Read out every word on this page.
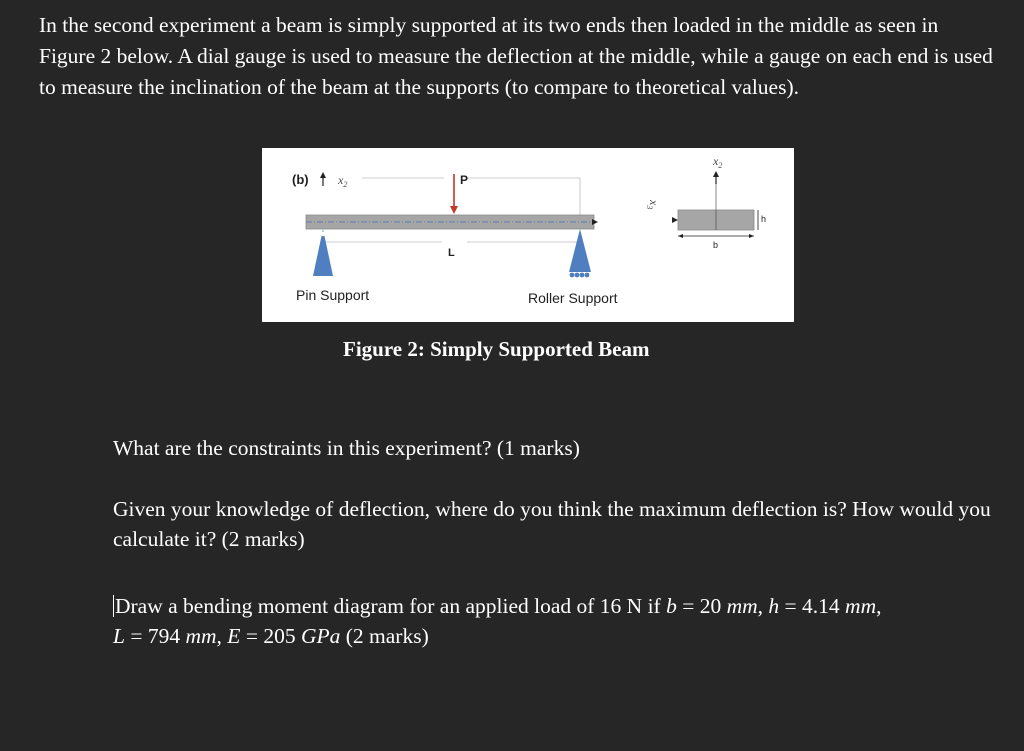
In the second experiment a beam is simply supported at its two ends then loaded in the middle as seen in Figure 2 below. A dial gauge is used to measure the deflection at the middle, while a gauge on each end is used to measure the inclination of the beam at the supports (to compare to theoretical values).

(b) $x_2$	P
L
Pin Support	Roller Support
$x_3$
$x_2$
b
h

Figure 2: Simply Supported Beam

What are the constraints in this experiment? (1 marks)

Given your knowledge of deflection, where do you think the maximum deflection is? How would you calculate it? (2 marks)

Draw a bending moment diagram for an applied load of 16 N if b = 20 mm, h = 4.14 mm,
L = 794 mm, E = 205 GPa (2 marks)
